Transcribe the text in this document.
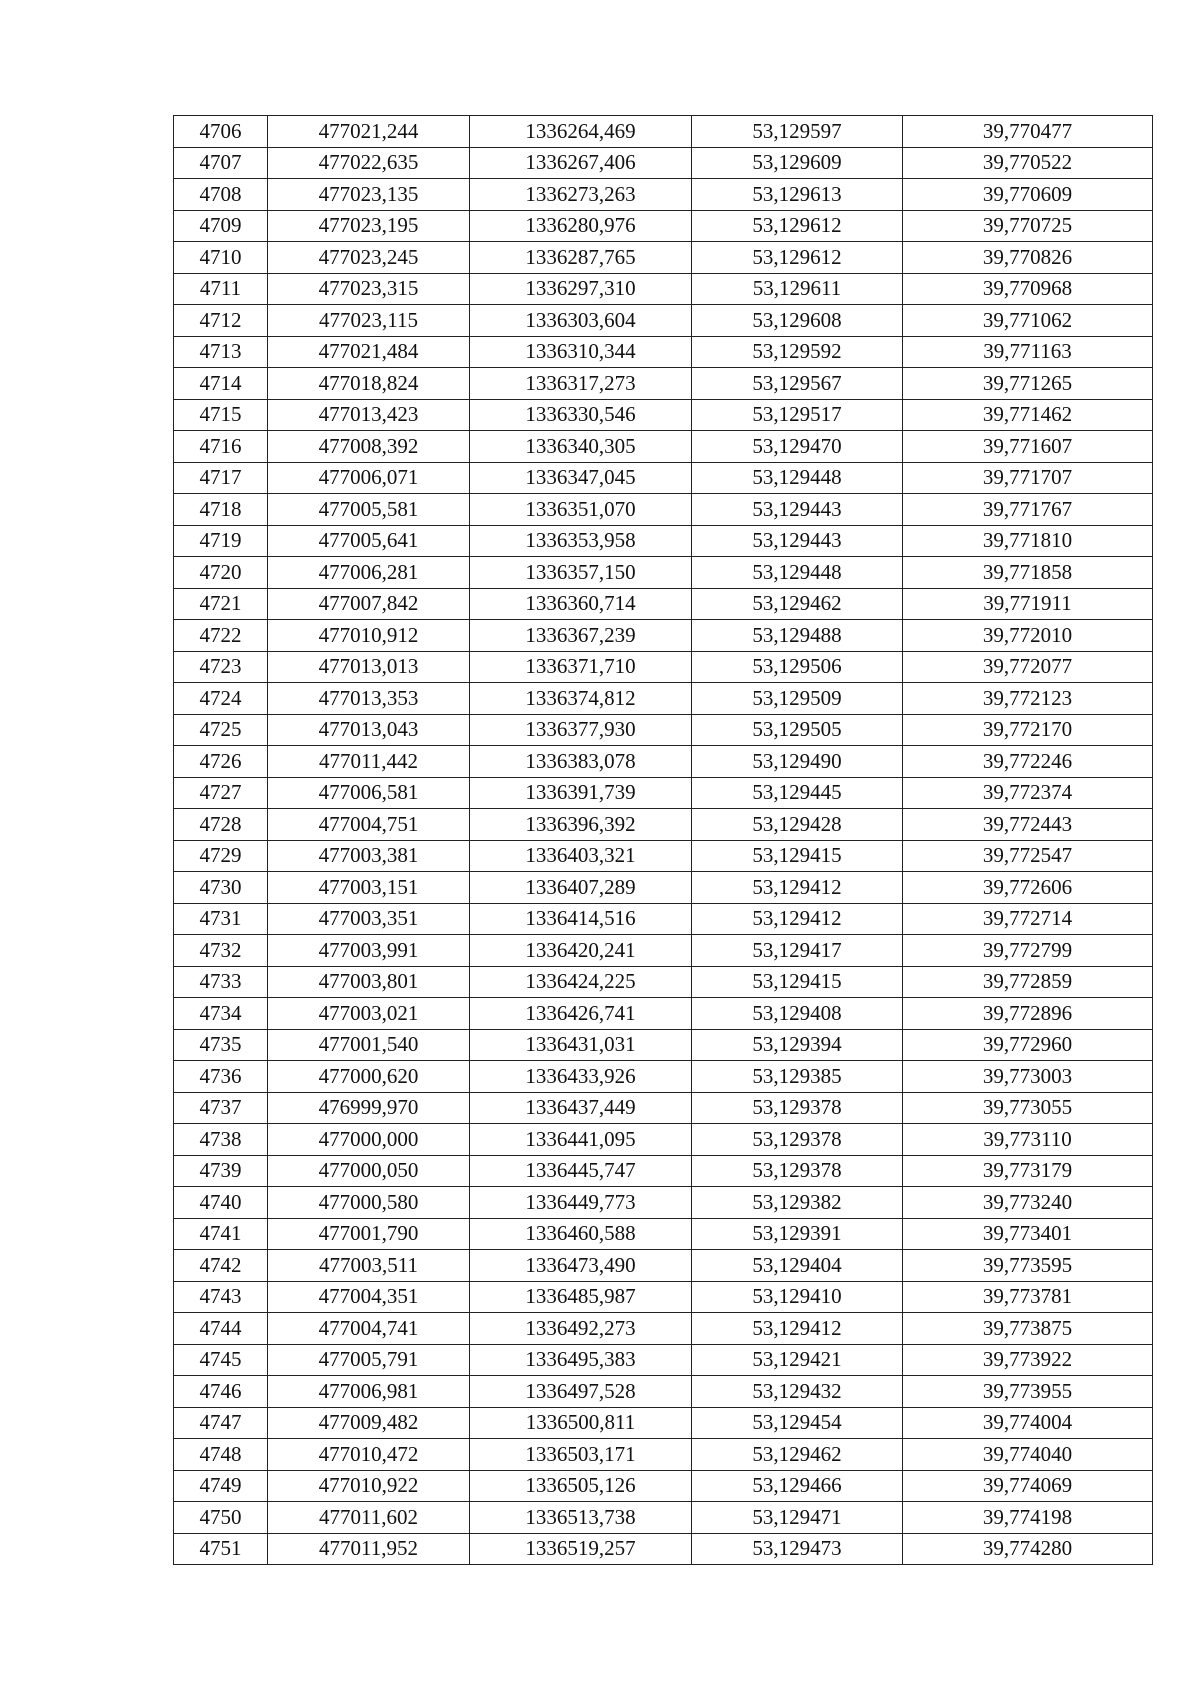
4706	477021,244	1336264,469	53,129597	39,770477
4707	477022,635	1336267,406	53,129609	39,770522
4708	477023,135	1336273,263	53,129613	39,770609
4709	477023,195	1336280,976	53,129612	39,770725
4710	477023,245	1336287,765	53,129612	39,770826
4711	477023,315	1336297,310	53,129611	39,770968
4712	477023,115	1336303,604	53,129608	39,771062
4713	477021,484	1336310,344	53,129592	39,771163
4714	477018,824	1336317,273	53,129567	39,771265
4715	477013,423	1336330,546	53,129517	39,771462
4716	477008,392	1336340,305	53,129470	39,771607
4717	477006,071	1336347,045	53,129448	39,771707
4718	477005,581	1336351,070	53,129443	39,771767
4719	477005,641	1336353,958	53,129443	39,771810
4720	477006,281	1336357,150	53,129448	39,771858
4721	477007,842	1336360,714	53,129462	39,771911
4722	477010,912	1336367,239	53,129488	39,772010
4723	477013,013	1336371,710	53,129506	39,772077
4724	477013,353	1336374,812	53,129509	39,772123
4725	477013,043	1336377,930	53,129505	39,772170
4726	477011,442	1336383,078	53,129490	39,772246
4727	477006,581	1336391,739	53,129445	39,772374
4728	477004,751	1336396,392	53,129428	39,772443
4729	477003,381	1336403,321	53,129415	39,772547
4730	477003,151	1336407,289	53,129412	39,772606
4731	477003,351	1336414,516	53,129412	39,772714
4732	477003,991	1336420,241	53,129417	39,772799
4733	477003,801	1336424,225	53,129415	39,772859
4734	477003,021	1336426,741	53,129408	39,772896
4735	477001,540	1336431,031	53,129394	39,772960
4736	477000,620	1336433,926	53,129385	39,773003
4737	476999,970	1336437,449	53,129378	39,773055
4738	477000,000	1336441,095	53,129378	39,773110
4739	477000,050	1336445,747	53,129378	39,773179
4740	477000,580	1336449,773	53,129382	39,773240
4741	477001,790	1336460,588	53,129391	39,773401
4742	477003,511	1336473,490	53,129404	39,773595
4743	477004,351	1336485,987	53,129410	39,773781
4744	477004,741	1336492,273	53,129412	39,773875
4745	477005,791	1336495,383	53,129421	39,773922
4746	477006,981	1336497,528	53,129432	39,773955
4747	477009,482	1336500,811	53,129454	39,774004
4748	477010,472	1336503,171	53,129462	39,774040
4749	477010,922	1336505,126	53,129466	39,774069
4750	477011,602	1336513,738	53,129471	39,774198
4751	477011,952	1336519,257	53,129473	39,774280
